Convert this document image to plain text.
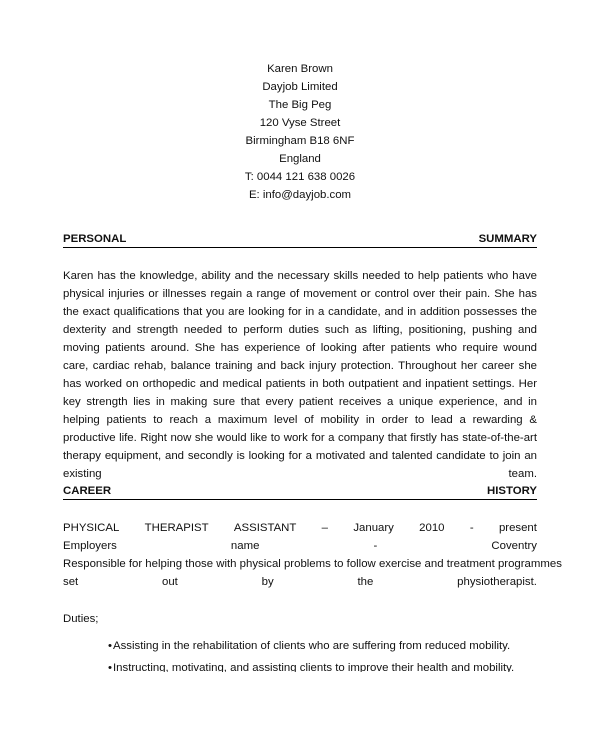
Karen Brown
Dayjob Limited
The Big Peg
120 Vyse Street
Birmingham B18 6NF
England
T: 0044 121 638 0026
E: info@dayjob.com
PERSONAL	SUMMARY
Karen has the knowledge, ability and the necessary skills needed to help patients who have physical injuries or illnesses regain a range of movement or control over their pain. She has the exact qualifications that you are looking for in a candidate, and in addition possesses the dexterity and strength needed to perform duties such as lifting, positioning, pushing and moving patients around. She has experience of looking after patients who require wound care, cardiac rehab, balance training and back injury protection. Throughout her career she has worked on orthopedic and medical patients in both outpatient and inpatient settings. Her key strength lies in making sure that every patient receives a unique experience, and in helping patients to reach a maximum level of mobility in order to lead a rewarding & productive life. Right now she would like to work for a company that firstly has state-of-the-art therapy equipment, and secondly is looking for a motivated and talented candidate to join an existing team.
CAREER	HISTORY
PHYSICAL THERAPIST ASSISTANT – January 2010 - present
Employers	name	-	Coventry
Responsible for helping those with physical problems to follow exercise and treatment programmes
set	out	by	the	physiotherapist.
Duties;
•Assisting in the rehabilitation of clients who are suffering from reduced mobility.
•Instructing, motivating, and assisting clients to improve their health and mobility.
